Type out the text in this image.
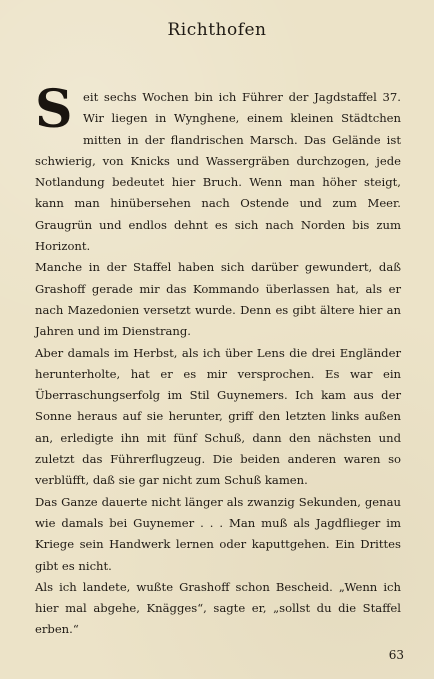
Richthofen

Seit sechs Wochen bin ich Führer der Jagdstaffel 37. Wir liegen in Wynghene, einem kleinen Städtchen mitten in der flandrischen Marsch. Das Gelände ist schwierig, von Knicks und Wassergräben durchzogen, jede Notlandung bedeutet hier Bruch. Wenn man höher steigt, kann man hinübersehen nach Ostende und zum Meer. Graugrün und endlos dehnt es sich nach Norden bis zum Horizont.

Manche in der Staffel haben sich darüber gewundert, daß Grashoff gerade mir das Kommando überlassen hat, als er nach Mazedonien versetzt wurde. Denn es gibt ältere hier an Jahren und im Dienstrang.

Aber damals im Herbst, als ich über Lens die drei Engländer herunterholte, hat er es mir versprochen. Es war ein Überraschungserfolg im Stil Guynemers. Ich kam aus der Sonne heraus auf sie herunter, griff den letzten links außen an, erledigte ihn mit fünf Schuß, dann den nächsten und zuletzt das Führerflugzeug. Die beiden anderen waren so verblüfft, daß sie gar nicht zum Schuß kamen.

Das Ganze dauerte nicht länger als zwanzig Sekunden, genau wie damals bei Guynemer . . . Man muß als Jagdflieger im Kriege sein Handwerk lernen oder kaputtgehen. Ein Drittes gibt es nicht.

Als ich landete, wußte Grashoff schon Bescheid. „Wenn ich hier mal abgehe, Knägges“, sagte er, „sollst du die Staffel erben.“

63
